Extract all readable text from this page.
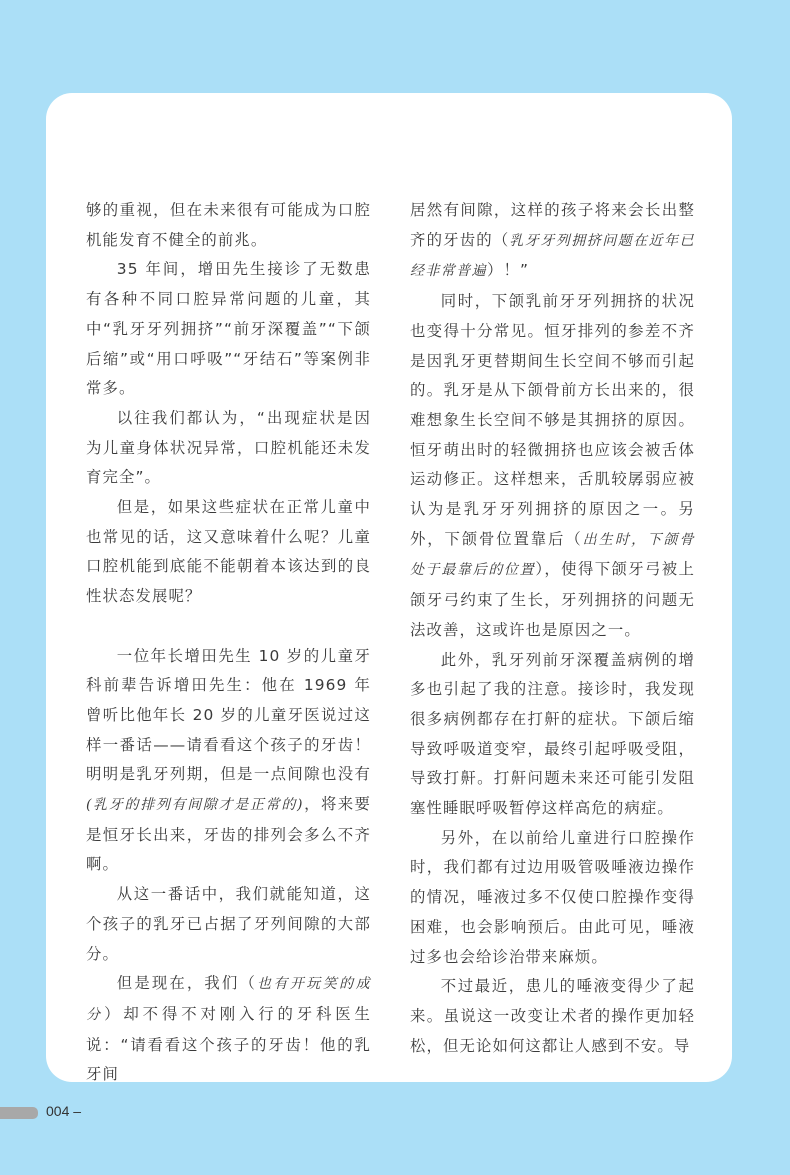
够的重视，但在未来很有可能成为口腔机能发育不健全的前兆。

35 年间，增田先生接诊了无数患有各种不同口腔异常问题的儿童，其中“乳牙牙列拥挤”“前牙深覆盖”“下颌后缩”或“用口呼吸”“牙结石”等案例非常多。

以往我们都认为，“出现症状是因为儿童身体状况异常，口腔机能还未发育完全”。

但是，如果这些症状在正常儿童中也常见的话，这又意味着什么呢？儿童口腔机能到底能不能朝着本该达到的良性状态发展呢？

一位年长增田先生 10 岁的儿童牙科前辈告诉增田先生：他在 1969 年曾听比他年长 20 岁的儿童牙医说过这样一番话——请看看这个孩子的牙齿！明明是乳牙列期，但是一点间隙也没有(乳牙的排列有间隙才是正常的)，将来要是恒牙长出来，牙齿的排列会多么不齐啊。

从这一番话中，我们就能知道，这个孩子的乳牙已占据了牙列间隙的大部分。

但是现在，我们（也有开玩笑的成分）却不得不对刚入行的牙科医生说：“请看看这个孩子的牙齿！他的乳牙间

居然有间隙，这样的孩子将来会长出整齐的牙齿的（乳牙牙列拥挤问题在近年已经非常普遍）！”

同时，下颌乳前牙牙列拥挤的状况也变得十分常见。恒牙排列的参差不齐是因乳牙更替期间生长空间不够而引起的。乳牙是从下颌骨前方长出来的，很难想象生长空间不够是其拥挤的原因。恒牙萌出时的轻微拥挤也应该会被舌体运动修正。这样想来，舌肌较孱弱应被认为是乳牙牙列拥挤的原因之一。另外，下颌骨位置靠后（出生时，下颌骨处于最靠后的位置），使得下颌牙弓被上颌牙弓约束了生长，牙列拥挤的问题无法改善，这或许也是原因之一。

此外，乳牙列前牙深覆盖病例的增多也引起了我的注意。接诊时，我发现很多病例都存在打鼾的症状。下颌后缩导致呼吸道变窄，最终引起呼吸受阻，导致打鼾。打鼾问题未来还可能引发阻塞性睡眠呼吸暂停这样高危的病症。

另外，在以前给儿童进行口腔操作时，我们都有过边用吸管吸唾液边操作的情况，唾液过多不仅使口腔操作变得困难，也会影响预后。由此可见，唾液过多也会给诊治带来麻烦。

不过最近，患儿的唾液变得少了起来。虽说这一改变让术者的操作更加轻松，但无论如何这都让人感到不安。导

004 –
